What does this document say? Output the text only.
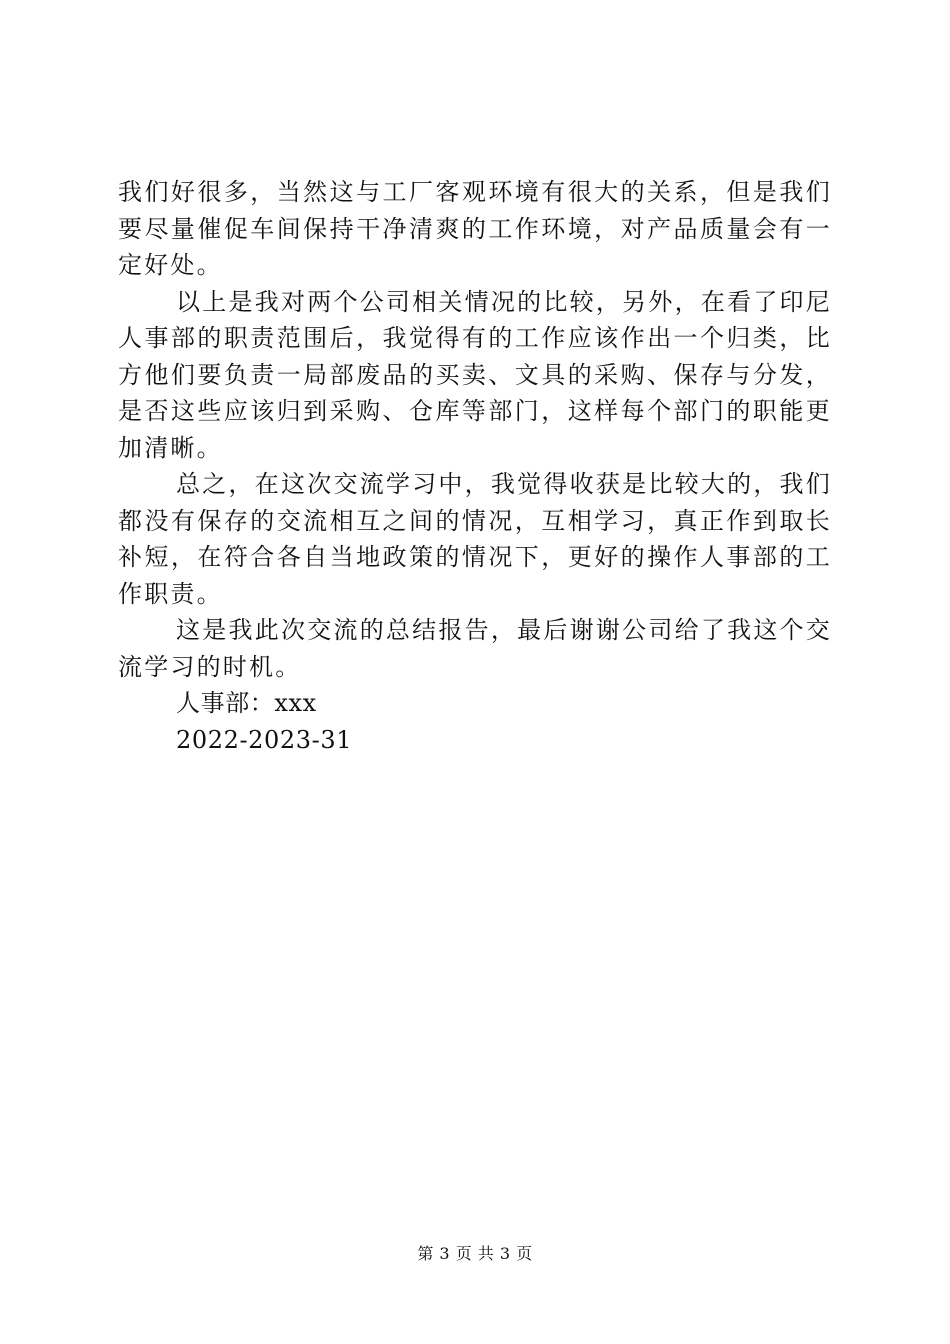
我们好很多，当然这与工厂客观环境有很大的关系，但是我们要尽量催促车间保持干净清爽的工作环境，对产品质量会有一定好处。

以上是我对两个公司相关情况的比较，另外，在看了印尼人事部的职责范围后，我觉得有的工作应该作出一个归类，比方他们要负责一局部废品的买卖、文具的采购、保存与分发，是否这些应该归到采购、仓库等部门，这样每个部门的职能更加清晰。

总之，在这次交流学习中，我觉得收获是比较大的，我们都没有保存的交流相互之间的情况，互相学习，真正作到取长补短，在符合各自当地政策的情况下，更好的操作人事部的工作职责。

这是我此次交流的总结报告，最后谢谢公司给了我这个交流学习的时机。

人事部：xxx

2022-2023-31

第 3 页 共 3 页
